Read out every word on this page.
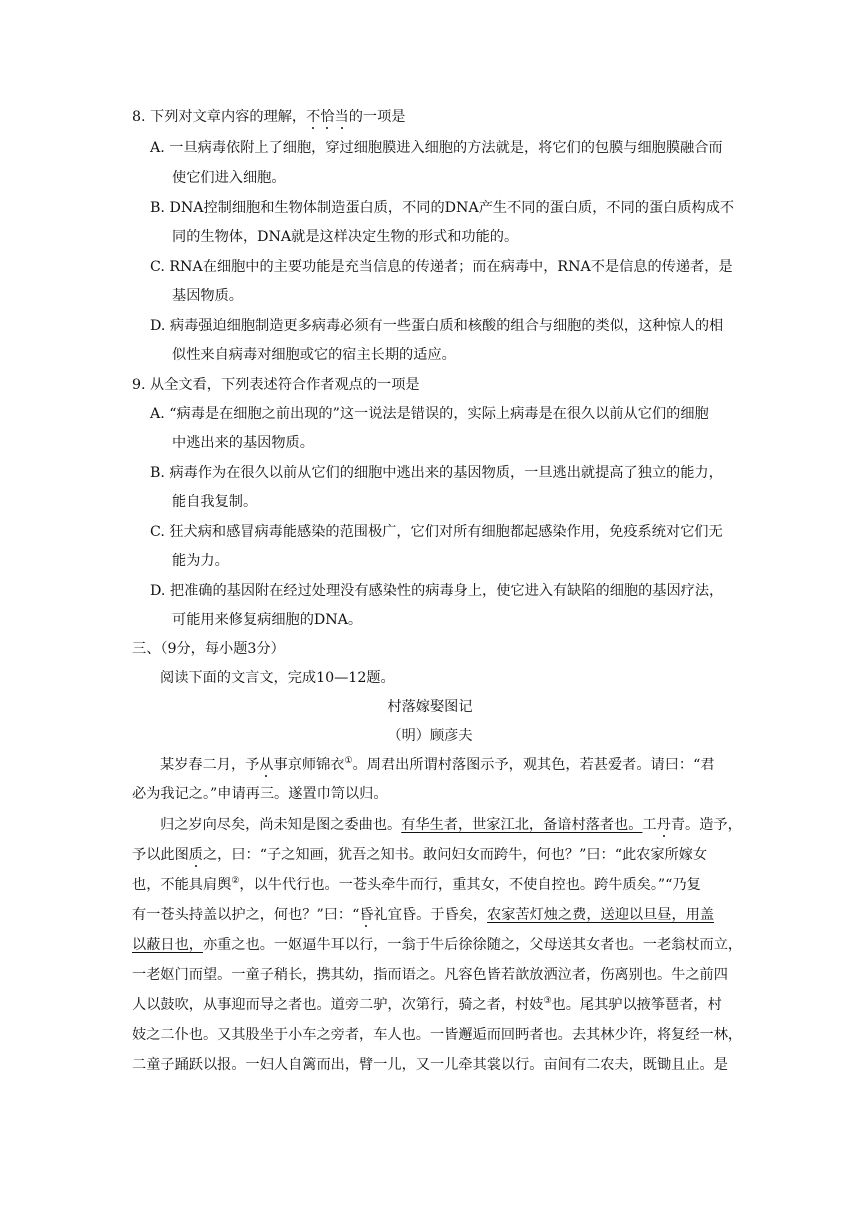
8. 下列对文章内容的理解，不恰当的一项是
A. 一旦病毒依附上了细胞，穿过细胞膜进入细胞的方法就是，将它们的包膜与细胞膜融合而
使它们进入细胞。
B. DNA控制细胞和生物体制造蛋白质，不同的DNA产生不同的蛋白质，不同的蛋白质构成不
同的生物体，DNA就是这样决定生物的形式和功能的。
C. RNA在细胞中的主要功能是充当信息的传递者；而在病毒中，RNA不是信息的传递者，是
基因物质。
D. 病毒强迫细胞制造更多病毒必须有一些蛋白质和核酸的组合与细胞的类似，这种惊人的相
似性来自病毒对细胞或它的宿主长期的适应。
9. 从全文看，下列表述符合作者观点的一项是
A. “病毒是在细胞之前出现的”这一说法是错误的，实际上病毒是在很久以前从它们的细胞
中逃出来的基因物质。
B. 病毒作为在很久以前从它们的细胞中逃出来的基因物质，一旦逃出就提高了独立的能力，
能自我复制。
C. 狂犬病和感冒病毒能感染的范围极广，它们对所有细胞都起感染作用，免疫系统对它们无
能为力。
D. 把准确的基因附在经过处理没有感染性的病毒身上，使它进入有缺陷的细胞的基因疗法，
可能用来修复病细胞的DNA。
三、（9分，每小题3分）
阅读下面的文言文，完成10—12题。
村落嫁娶图记
（明）顾彦夫
某岁春二月，予从事京师锦衣①。周君出所谓村落图示予，观其色，若甚爱者。请曰：“君
必为我记之。”申请再三。遂置巾笥以归。
归之岁向尽矣，尚未知是图之委曲也。有华生者，世家江北，备谙村落者也。工丹青。造予，
予以此图质之，曰：“子之知画，犹吾之知书。敢问妇女而跨牛，何也？”曰：“此农家所嫁女
也，不能具肩舆②，以牛代行也。一苍头牵牛而行，重其女，不使自控也。跨牛质矣。”“乃复
有一苍头持盖以护之，何也？”曰：“昏礼宜昏。于昏矣，农家苦灯烛之费，送迎以旦昼，用盖
以蔽日也，亦重之也。一妪逼牛耳以行，一翁于牛后徐徐随之，父母送其女者也。一老翁杖而立，
一老妪门而望。一童子稍长，携其幼，指而语之。凡容色皆若歆放洒泣者，伤离别也。牛之前四
人以鼓吹，从事迎而导之者也。道旁二驴，次第行，骑之者，村妓③也。尾其驴以掖筝琶者，村
妓之二仆也。又其股坐于小车之旁者，车人也。一皆邂逅而回眄者也。去其林少许，将复经一林，
二童子踊跃以报。一妇人自篱而出，臂一儿，又一儿牵其裳以行。亩间有二农夫，既锄且止。是
